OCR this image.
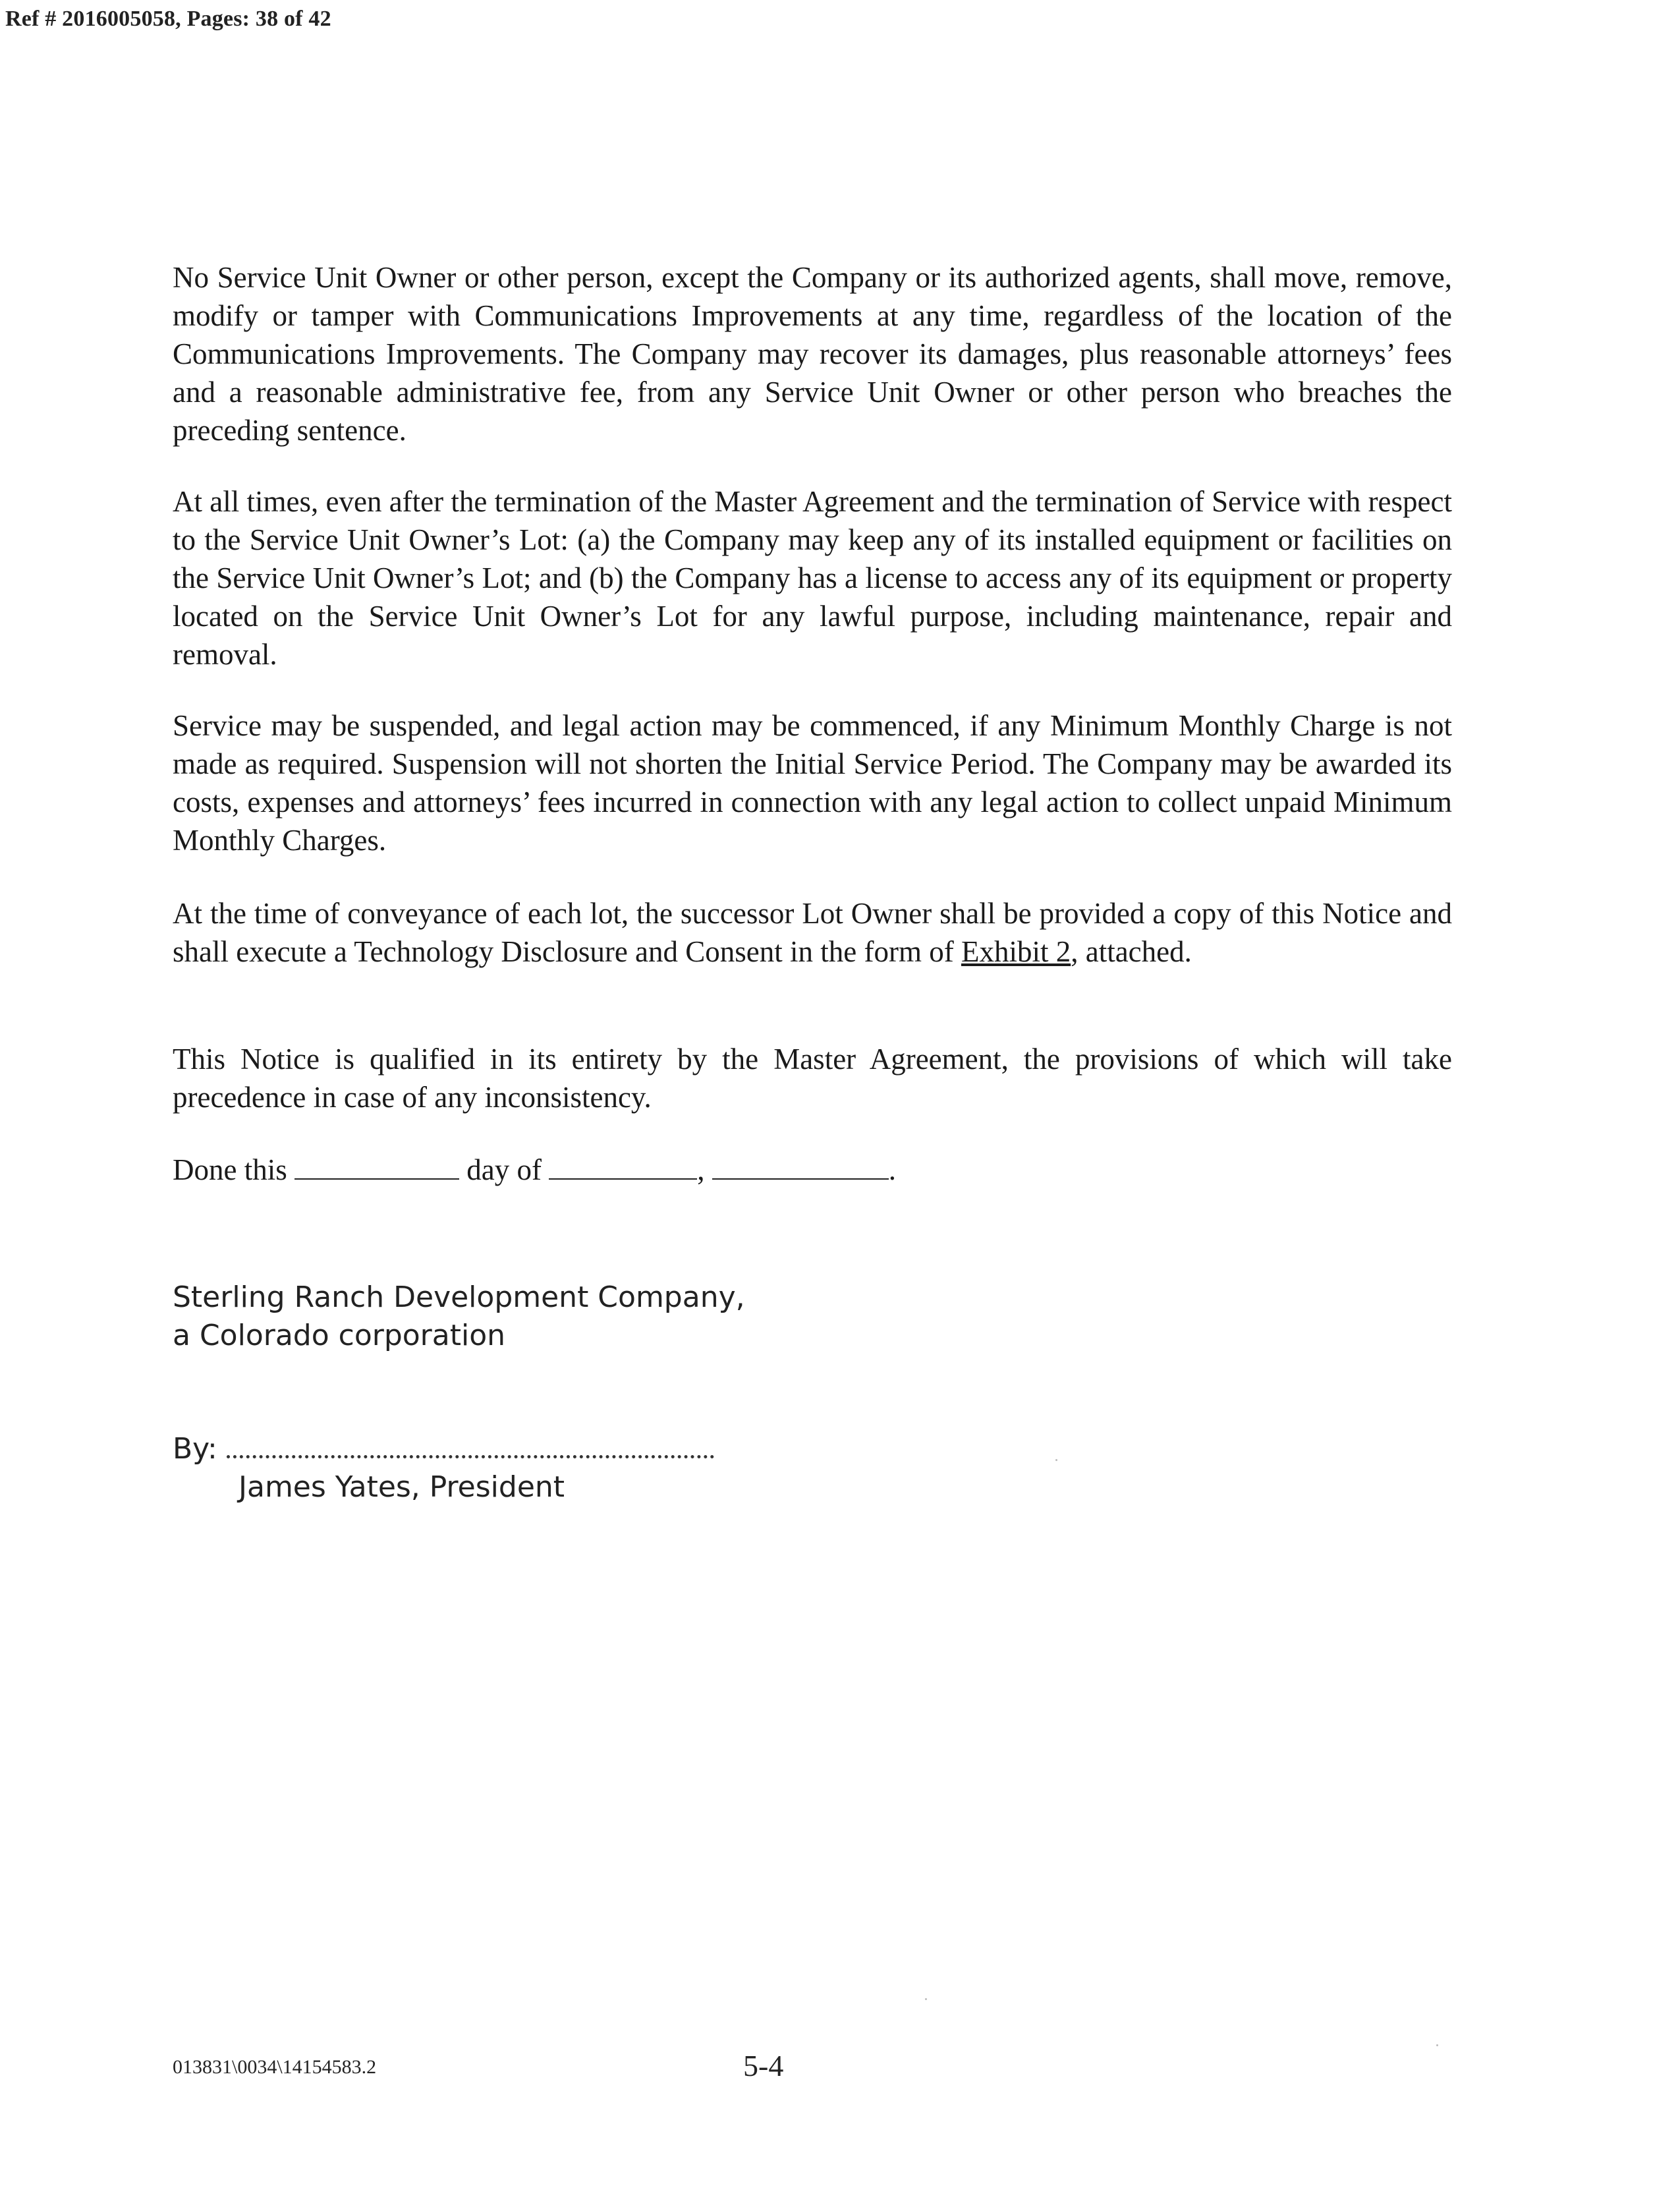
Ref # 2016005058, Pages: 38 of 42

No Service Unit Owner or other person, except the Company or its authorized agents, shall move, remove, modify or tamper with Communications Improvements at any time, regardless of the location of the Communications Improvements. The Company may recover its damages, plus reasonable attorneys’ fees and a reasonable administrative fee, from any Service Unit Owner or other person who breaches the preceding sentence.

At all times, even after the termination of the Master Agreement and the termination of Service with respect to the Service Unit Owner’s Lot: (a) the Company may keep any of its installed equipment or facilities on the Service Unit Owner’s Lot; and (b) the Company has a license to access any of its equipment or property located on the Service Unit Owner’s Lot for any lawful purpose, including maintenance, repair and removal.

Service may be suspended, and legal action may be commenced, if any Minimum Monthly Charge is not made as required. Suspension will not shorten the Initial Service Period. The Company may be awarded its costs, expenses and attorneys’ fees incurred in connection with any legal action to collect unpaid Minimum Monthly Charges.

At the time of conveyance of each lot, the successor Lot Owner shall be provided a copy of this Notice and shall execute a Technology Disclosure and Consent in the form of Exhibit 2, attached.

This Notice is qualified in its entirety by the Master Agreement, the provisions of which will take precedence in case of any inconsistency.

Done this	day of	,	.
Sterling Ranch Development Company,
a Colorado corporation
By:
James Yates, President
013831\0034\14154583.2	5-4
